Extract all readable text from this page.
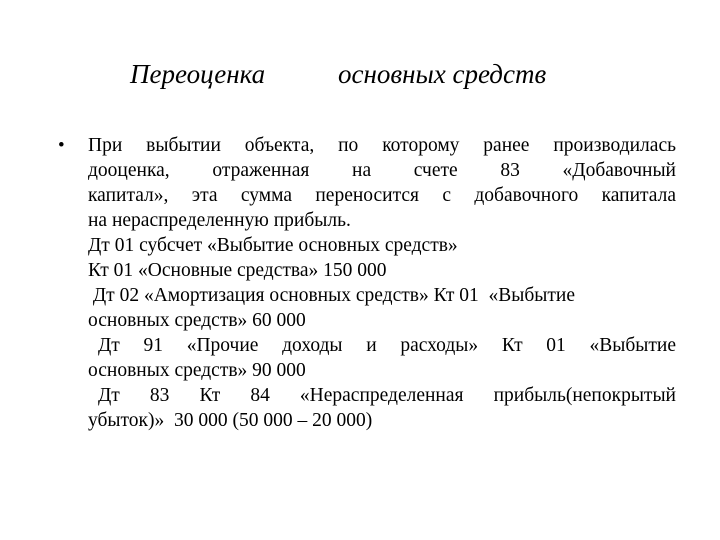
Переоценка	основных средств
• При выбытии объекта, по которому ранее производилась
дооценка, отраженная на счете 83 «Добавочный
капитал», эта сумма переносится с добавочного капитала
на нераспределенную прибыль.
Дт 01 субсчет «Выбытие основных средств»
Кт 01 «Основные средства» 150 000
Дт 02 «Амортизация основных средств» Кт 01  «Выбытие
основных средств» 60 000
Дт 91 «Прочие доходы и расходы» Кт 01 «Выбытие
основных средств» 90 000
Дт 83 Кт 84 «Нераспределенная прибыль(непокрытый
убыток)»  30 000 (50 000 – 20 000)
